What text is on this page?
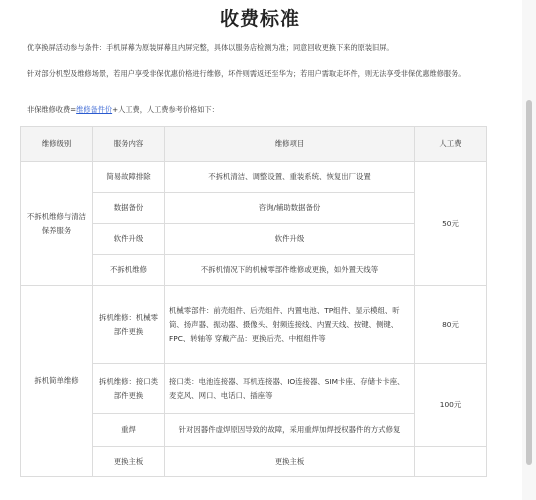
收费标准
优享换屏活动参与条件：手机屏幕为原装屏幕且内屏完整，具体以服务店检测为准；同意回收更换下来的原装旧屏。
针对部分机型及维修场景，若用户享受非保优惠价格进行维修，坏件则需返还至华为；若用户需取走坏件，则无法享受非保优惠维修服务。
非保维修收费=维修备件价+人工费，人工费参考价格如下：
维修级别	服务内容	维修项目	人工费
不拆机维修与清洁保养服务	简易故障排除	不拆机清洁、调整设置、重装系统、恢复出厂设置	50元
	数据备份	咨询/辅助数据备份	
	软件升级	软件升级	
	不拆机维修	不拆机情况下的机械零部件维修或更换，如外置天线等	
拆机简单维修	拆机维修：机械零部件更换	机械零部件：前壳组件、后壳组件、内置电池、TP组件、显示模组、听筒、扬声器、振动器、摄像头、射频连接线、内置天线、按键、侧键、FPC、转轴等 穿戴产品：更换后壳、中框组件等	80元
	拆机维修：接口类部件更换	接口类：电池连接器、耳机连接器、IO连接器、SIM卡座、存储卡卡座、麦克风、网口、电话口、插座等	100元
	重焊	针对因器件虚焊原因导致的故障，采用重焊加焊授权器件的方式修复	
	更换主板	更换主板	
